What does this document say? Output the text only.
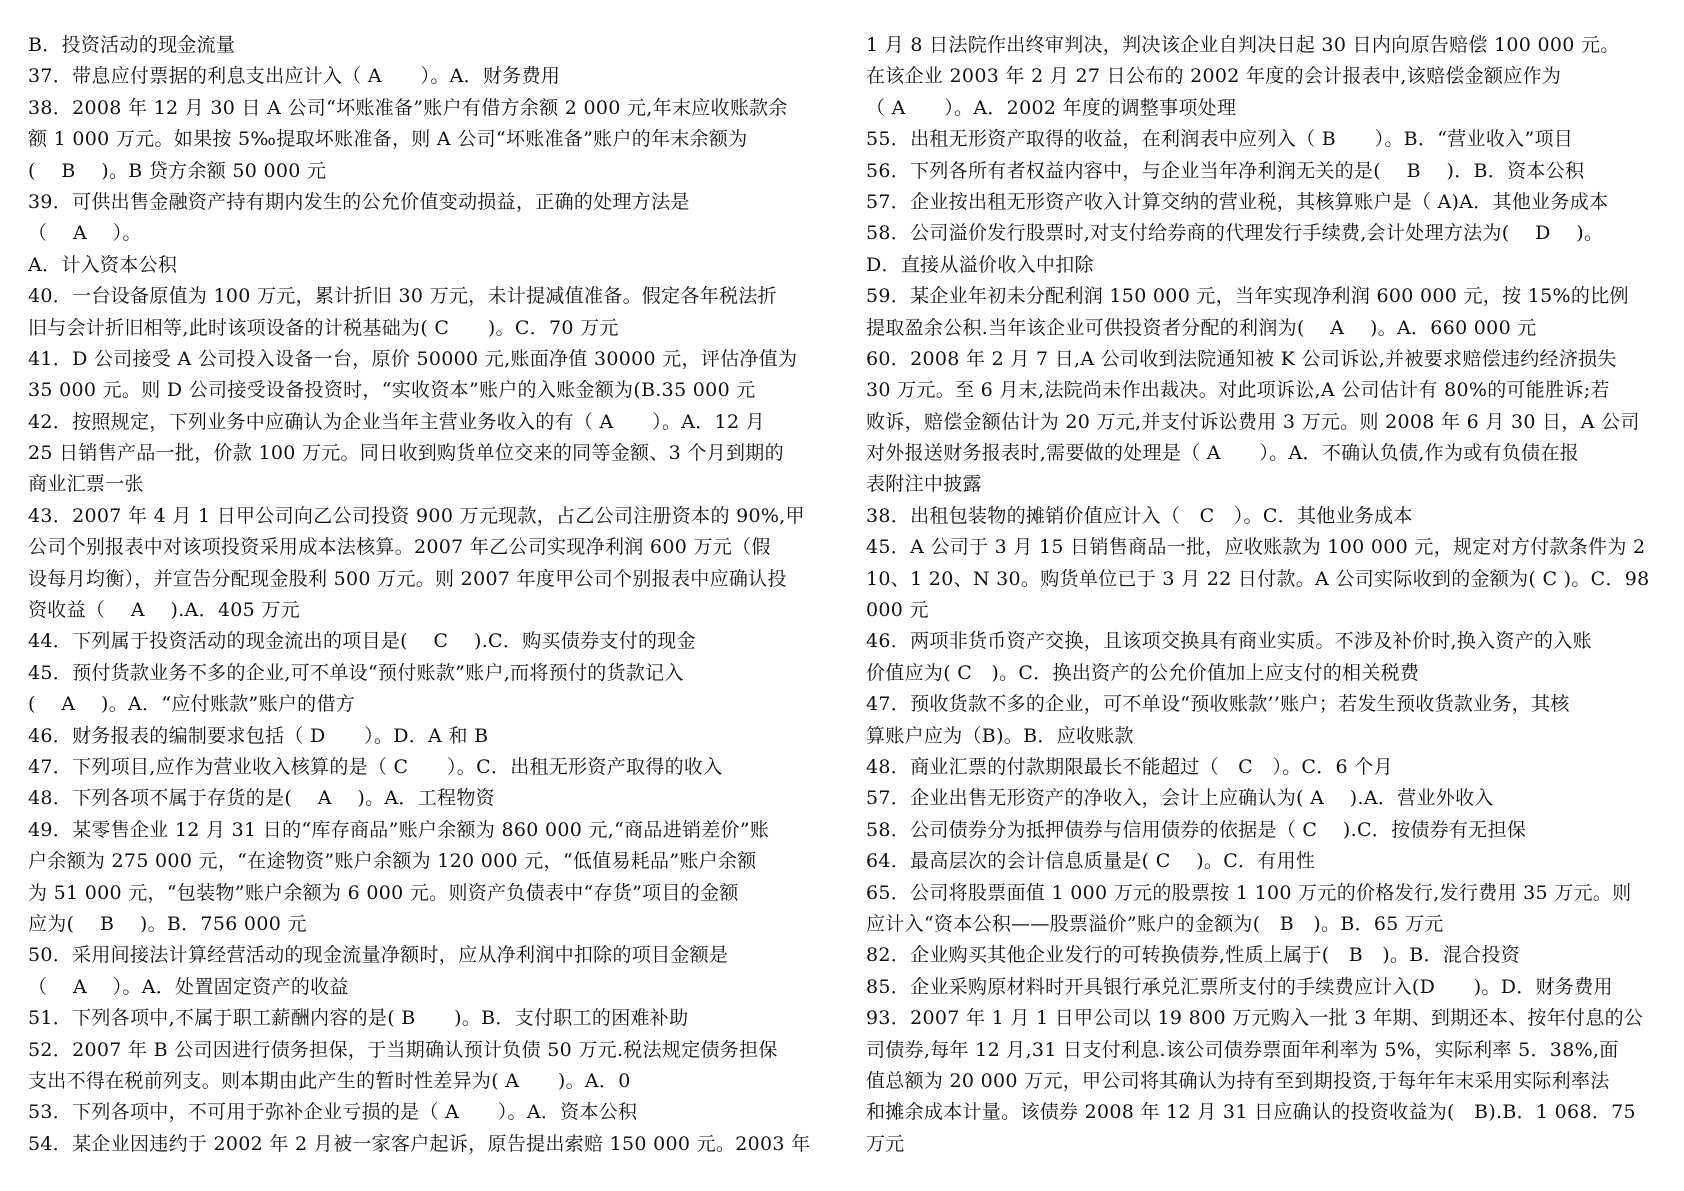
B．投资活动的现金流量
37．带息应付票据的利息支出应计入（ A　　）。A．财务费用
38．2008 年 12 月 30 日 A 公司“坏账准备”账户有借方余额 2 000 元,年末应收账款余
额 1 000 万元。如果按 5‰提取坏账准备，则 A 公司“坏账准备”账户的年末余额为
(　 B　 )。B 贷方余额 50 000 元
39．可供出售金融资产持有期内发生的公允价值变动损益，正确的处理方法是
（　 A　 ）。
A．计入资本公积
40．一台设备原值为 100 万元，累计折旧 30 万元，未计提减值准备。假定各年税法折
旧与会计折旧相等,此时该项设备的计税基础为( C　　)。C．70 万元
41．D 公司接受 A 公司投入设备一台，原价 50000 元,账面净值 30000 元，评估净值为
35 000 元。则 D 公司接受设备投资时，“实收资本”账户的入账金额为(B.35 000 元
42．按照规定，下列业务中应确认为企业当年主营业务收入的有（ A　　）。A．12 月
25 日销售产品一批，价款 100 万元。同日收到购货单位交来的同等金额、3 个月到期的
商业汇票一张
43．2007 年 4 月 1 日甲公司向乙公司投资 900 万元现款，占乙公司注册资本的 90%,甲
公司个别报表中对该项投资采用成本法核算。2007 年乙公司实现净利润 600 万元（假
设每月均衡），并宣告分配现金股利 500 万元。则 2007 年度甲公司个别报表中应确认投
资收益（　 A　 ).A．405 万元
44．下列属于投资活动的现金流出的项目是(　 C　 ).C．购买债券支付的现金
45．预付货款业务不多的企业,可不单设“预付账款”账户,而将预付的货款记入
(　 A　 )。A．“应付账款”账户的借方
46．财务报表的编制要求包括（ D　　）。D．A 和 B
47．下列项目,应作为营业收入核算的是（ C　　）。C．出租无形资产取得的收入
48．下列各项不属于存货的是(　 A　 )。A．工程物资
49．某零售企业 12 月 31 日的“库存商品”账户余额为 860 000 元,“商品进销差价”账
户余额为 275 000 元，“在途物资”账户余额为 120 000 元，“低值易耗品”账户余额
为 51 000 元，“包装物”账户余额为 6 000 元。则资产负债表中“存货”项目的金额
应为(　 B　 )。B．756 000 元
50．采用间接法计算经营活动的现金流量净额时，应从净利润中扣除的项目金额是
（　 A　 ）。A．处置固定资产的收益
51．下列各项中,不属于职工薪酬内容的是( B　　)。B．支付职工的困难补助
52．2007 年 B 公司因进行债务担保，于当期确认预计负债 50 万元.税法规定债务担保
支出不得在税前列支。则本期由此产生的暂时性差异为( A　　)。A．0
53．下列各项中，不可用于弥补企业亏损的是（ A　　）。A．资本公积
54．某企业因违约于 2002 年 2 月被一家客户起诉，原告提出索赔 150 000 元。2003 年
1 月 8 日法院作出终审判决，判决该企业自判决日起 30 日内向原告赔偿 100 000 元。
在该企业 2003 年 2 月 27 日公布的 2002 年度的会计报表中,该赔偿金额应作为
（ A　　）。A．2002 年度的调整事项处理
55．出租无形资产取得的收益，在利润表中应列入（ B　　）。B．“营业收入”项目
56．下列各所有者权益内容中，与企业当年净利润无关的是(　 B　 )．B．资本公积
57．企业按出租无形资产收入计算交纳的营业税，其核算账户是（ A)A．其他业务成本
58．公司溢价发行股票时,对支付给券商的代理发行手续费,会计处理方法为(　 D　 )。
D．直接从溢价收入中扣除
59．某企业年初未分配利润 150 000 元，当年实现净利润 600 000 元，按 15%的比例
提取盈余公积.当年该企业可供投资者分配的利润为(　 A　 )。A．660 000 元
60．2008 年 2 月 7 日,A 公司收到法院通知被 K 公司诉讼,并被要求赔偿违约经济损失
30 万元。至 6 月末,法院尚未作出裁决。对此项诉讼,A 公司估计有 80%的可能胜诉;若
败诉，赔偿金额估计为 20 万元,并支付诉讼费用 3 万元。则 2008 年 6 月 30 日，A 公司
对外报送财务报表时,需要做的处理是（ A　　）。A．不确认负债,作为或有负债在报
表附注中披露
38．出租包装物的摊销价值应计入（　C　）。C．其他业务成本
45．A 公司于 3 月 15 日销售商品一批，应收账款为 100 000 元，规定对方付款条件为 2
10、1 20、N 30。购货单位已于 3 月 22 日付款。A 公司实际收到的金额为( C )。C．98
000 元
46．两项非货币资产交换，且该项交换具有商业实质。不涉及补价时,换入资产的入账
价值应为( C　)。C．换出资产的公允价值加上应支付的相关税费
47．预收货款不多的企业，可不单设“预收账款’’账户；若发生预收货款业务，其核
算账户应为（B)。B．应收账款
48．商业汇票的付款期限最长不能超过（　C　）。C．6 个月
57．企业出售无形资产的净收入，会计上应确认为( A　 ).A．营业外收入
58．公司债券分为抵押债券与信用债券的依据是（ C　 ).C．按债券有无担保
64．最高层次的会计信息质量是( C　 )。C．有用性
65．公司将股票面值 1 000 万元的股票按 1 100 万元的价格发行,发行费用 35 万元。则
应计入“资本公积——股票溢价”账户的金额为(　B　)。B．65 万元
82．企业购买其他企业发行的可转换债券,性质上属于(　B　)。B．混合投资
85．企业采购原材料时开具银行承兑汇票所支付的手续费应计入(D　　)。D．财务费用
93．2007 年 1 月 1 日甲公司以 19 800 万元购入一批 3 年期、到期还本、按年付息的公
司债券,每年 12 月,31 日支付利息.该公司债券票面年利率为 5%，实际利率 5．38%,面
值总额为 20 000 万元，甲公司将其确认为持有至到期投资,于每年年末采用实际利率法
和摊余成本计量。该债券 2008 年 12 月 31 日应确认的投资收益为(　B).B．1 068．75
万元
